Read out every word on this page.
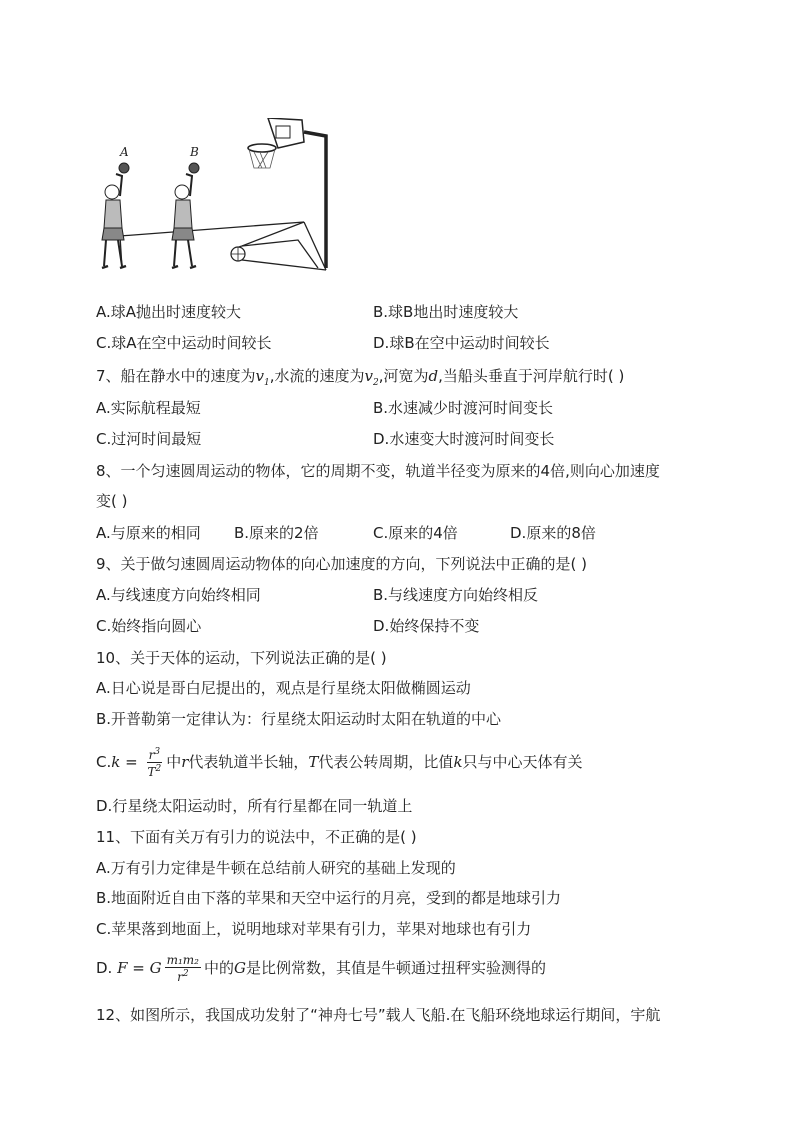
A	B
A.球A抛出时速度较大	B.球B地出时速度较大
C.球A在空中运动时间较长	D.球B在空中运动时间较长
7、船在静水中的速度为$v_1$,水流的速度为$v_2$,河宽为d,当船头垂直于河岸航行时( )
A.实际航程最短	B.水速减少时渡河时间变长
C.过河时间最短	D.水速变大时渡河时间变长
8、一个匀速圆周运动的物体，它的周期不变，轨道半径变为原来的4倍,则向心加速度
变( )
A.与原来的相同 B.原来的2倍	C.原来的4倍	D.原来的8倍
9、关于做匀速圆周运动物体的向心加速度的方向，下列说法中正确的是( )
A.与线速度方向始终相同	B.与线速度方向始终相反
C.始终指向圆心	D.始终保持不变
10、关于天体的运动，下列说法正确的是( )
A.日心说是哥白尼提出的，观点是行星绕太阳做椭圆运动
B.开普勒第一定律认为：行星绕太阳运动时太阳在轨道的中心
$C.k = \frac{r^3}{T^2}$ 中r代表轨道半长轴，T代表公转周期，比值k只与中心天体有关
D.行星绕太阳运动时，所有行星都在同一轨道上
11、下面有关万有引力的说法中，不正确的是( )
A.万有引力定律是牛顿在总结前人研究的基础上发现的
B.地面附近自由下落的苹果和天空中运行的月亮，受到的都是地球引力
C.苹果落到地面上，说明地球对苹果有引力，苹果对地球也有引力
D. F = G $\frac{\text{m₁m₂}}{r^2}$ 中的G是比例常数，其值是牛顿通过扭秤实验测得的
12、如图所示，我国成功发射了“神舟七号”载人飞船.在飞船环绕地球运行期间，宇航
